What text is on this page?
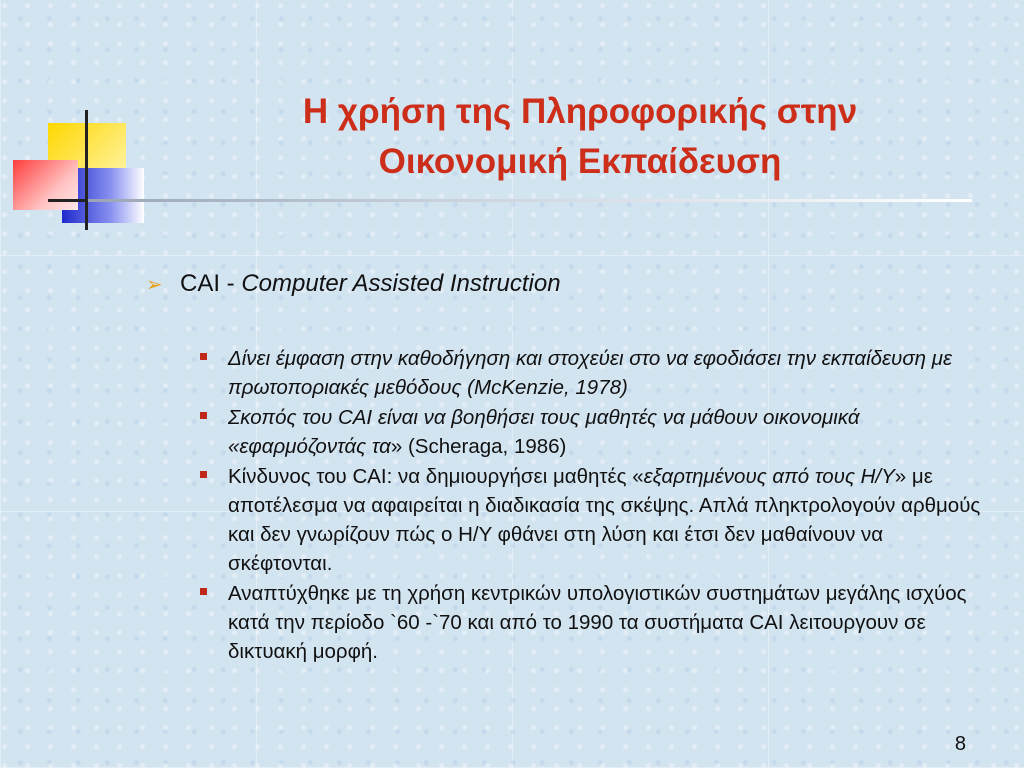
Η χρήση της Πληροφορικής στην
Οικονομική Εκπαίδευση
➢ CAI - Computer Assisted Instruction
Δίνει έμφαση στην καθοδήγηση και στοχεύει στο να εφοδιάσει την εκπαίδευση με πρωτοποριακές μεθόδους (McKenzie, 1978)
Σκοπός του CAI είναι να βοηθήσει τους μαθητές να μάθουν οικονομικά «εφαρμόζοντάς τα» (Scheraga, 1986)
Κίνδυνος του CAI: να δημιουργήσει μαθητές «εξαρτημένους από τους Η/Υ» με αποτέλεσμα να αφαιρείται η διαδικασία της σκέψης. Απλά πληκτρολογούν αρθμούς και δεν γνωρίζουν πώς ο Η/Υ φθάνει στη λύση και έτσι δεν μαθαίνουν να σκέφτονται.
Αναπτύχθηκε με τη χρήση κεντρικών υπολογιστικών συστημάτων μεγάλης ισχύος κατά την περίοδο `60 -`70 και από το 1990 τα συστήματα CAI λειτουργουν σε δικτυακή μορφή.
8
